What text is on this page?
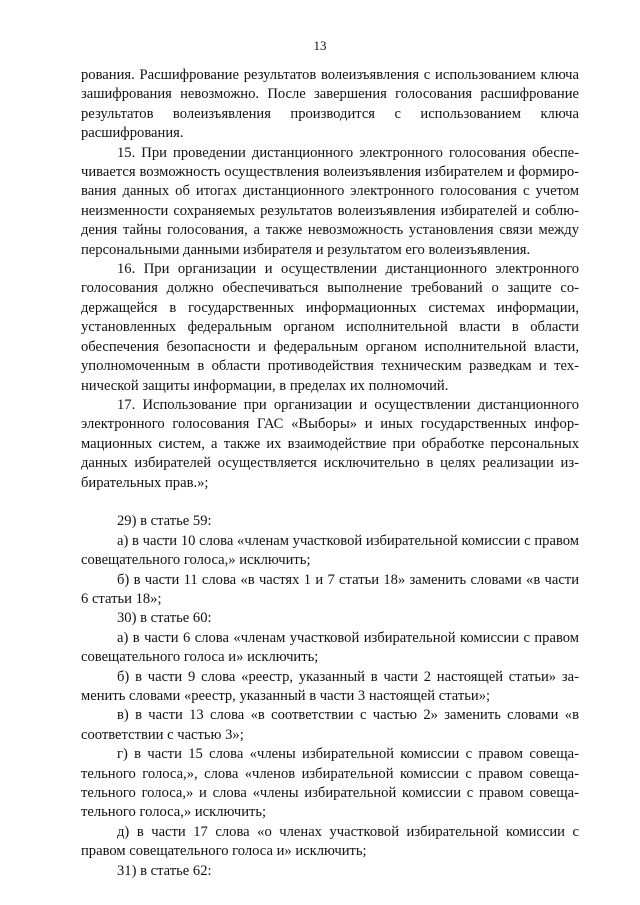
13

рования. Расшифрование результатов волеизъявления с использованием ключа зашифрования невозможно. После завершения голосования расшифрование результатов волеизъявления производится с использованием ключа расшифрования.

15. При проведении дистанционного электронного голосования обеспечивается возможность осуществления волеизъявления избирателем и формирования данных об итогах дистанционного электронного голосования с учетом неизменности сохраняемых результатов волеизъявления избирателей и соблюдения тайны голосования, а также невозможность установления связи между персональными данными избирателя и результатом его волеизъявления.

16. При организации и осуществлении дистанционного электронного голосования должно обеспечиваться выполнение требований о защите содержащейся в государственных информационных системах информации, установленных федеральным органом исполнительной власти в области обеспечения безопасности и федеральным органом исполнительной власти, уполномоченным в области противодействия техническим разведкам и технической защиты информации, в пределах их полномочий.

17. Использование при организации и осуществлении дистанционного электронного голосования ГАС «Выборы» и иных государственных информационных систем, а также их взаимодействие при обработке персональных данных избирателей осуществляется исключительно в целях реализации избирательных прав.»;

29) в статье 59:

а) в части 10 слова «членам участковой избирательной комиссии с правом совещательного голоса,» исключить;

б) в части 11 слова «в частях 1 и 7 статьи 18» заменить словами «в части 6 статьи 18»;

30) в статье 60:

а) в части 6 слова «членам участковой избирательной комиссии с правом совещательного голоса и» исключить;

б) в части 9 слова «реестр, указанный в части 2 настоящей статьи» заменить словами «реестр, указанный в части 3 настоящей статьи»;

в) в части 13 слова «в соответствии с частью 2» заменить словами «в соответствии с частью 3»;

г) в части 15 слова «члены избирательной комиссии с правом совещательного голоса,», слова «членов избирательной комиссии с правом совещательного голоса,» и слова «члены избирательной комиссии с правом совещательного голоса,» исключить;

д) в части 17 слова «о членах участковой избирательной комиссии с правом совещательного голоса и» исключить;

31) в статье 62:
